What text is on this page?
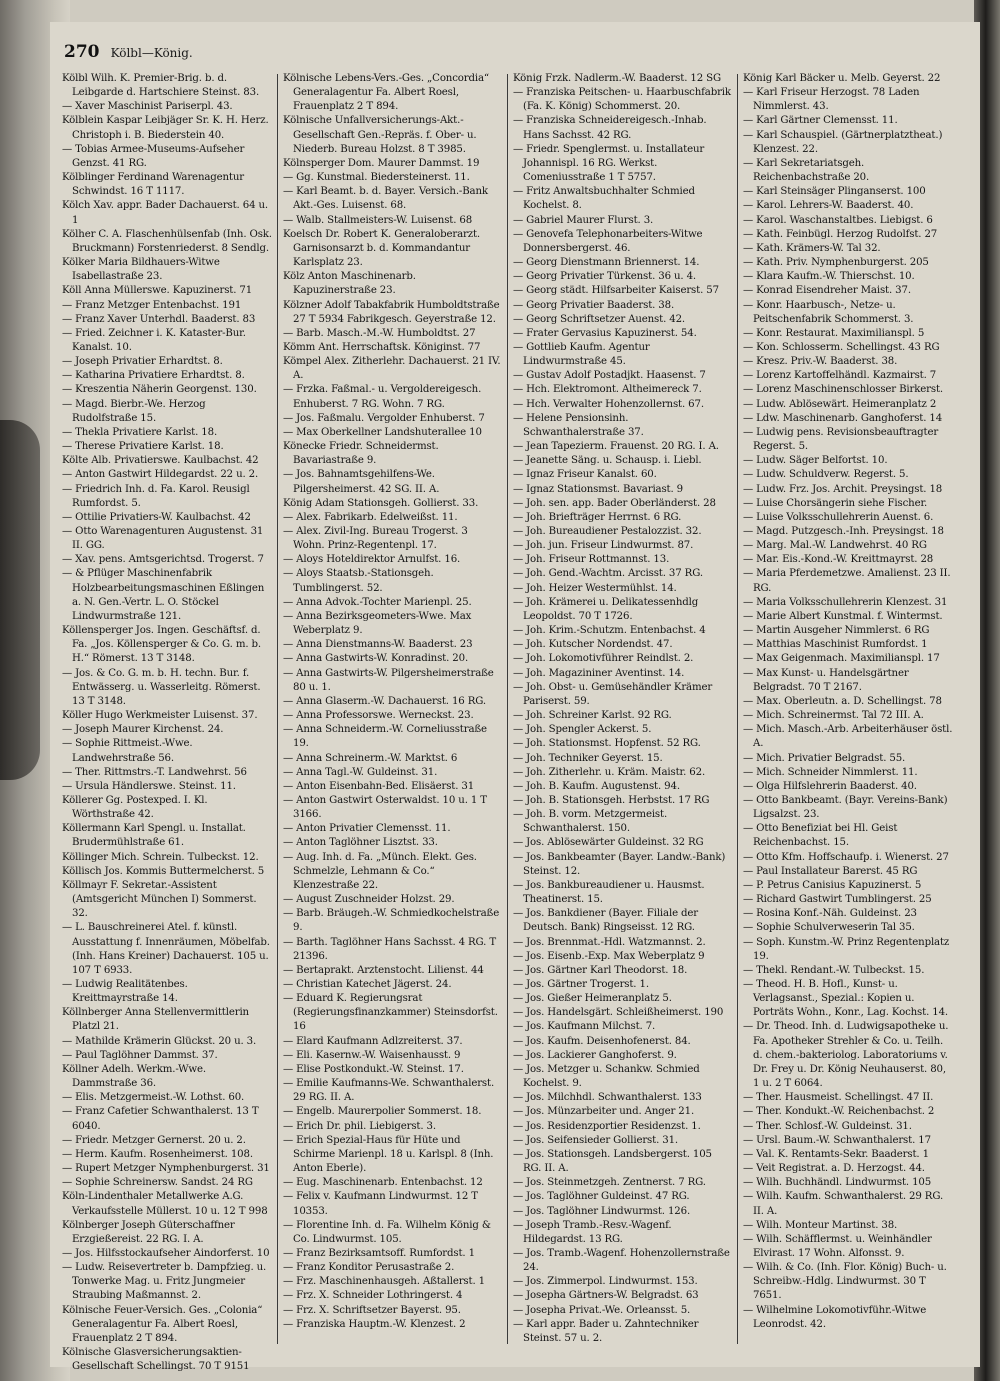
270 Kölbl—König.

Kölbl Wilh. K. Premier-Brig. b. d. Leibgarde d. Hartschiere Steinst. 83.

— Xaver Maschinist Pariserpl. 43.

Kölblein Kaspar Leibjäger Sr. K. H. Herz. Christoph i. B. Biederstein 40.

— Tobias Armee-Museums-Aufseher Genzst. 41 RG.

Kölblinger Ferdinand Warenagentur Schwindst. 16 T 1117.

Kölch Xav. appr. Bader Dachauerst. 64 u. 1

Kölher C. A. Flaschenhülsenfab (Inh. Osk. Bruckmann) Forstenriederst. 8 Sendlg.

Kölker Maria Bildhauers-Witwe Isabellastraße 23.

Köll Anna Müllerswe. Kapuzinerst. 71

— Franz Metzger Entenbachst. 191

— Franz Xaver Unterhdl. Baaderst. 83

— Fried. Zeichner i. K. Kataster-Bur. Kanalst. 10.

— Joseph Privatier Erhardtst. 8.

— Katharina Privatiere Erhardtst. 8.

— Kreszentia Näherin Georgenst. 130.

— Magd. Bierbr.-We. Herzog Rudolfstraße 15.

— Thekla Privatiere Karlst. 18.

— Therese Privatiere Karlst. 18.

Költe Alb. Privatierswe. Kaulbachst. 42

— Anton Gastwirt Hildegardst. 22 u. 2.

— Friedrich Inh. d. Fa. Karol. Reusigl Rumfordst. 5.

— Ottilie Privatiers-W. Kaulbachst. 42

— Otto Warenagenturen Augustenst. 31 II. GG.

— Xav. pens. Amtsgerichtsd. Trogerst. 7

— & Pflüger Maschinenfabrik Holzbearbeitungsmaschinen Eßlingen a. N. Gen.-Vertr. L. O. Stöckel Lindwurmstraße 121.

Köllensperger Jos. Ingen. Geschäftsf. d. Fa. „Jos. Köllensperger & Co. G. m. b. H.“ Römerst. 13 T 3148.

— Jos. & Co. G. m. b. H. techn. Bur. f. Entwässerg. u. Wasserleitg. Römerst. 13 T 3148.

Köller Hugo Werkmeister Luisenst. 37.

— Joseph Maurer Kirchenst. 24.

— Sophie Rittmeist.-Wwe. Landwehrstraße 56.

— Ther. Rittmstrs.-T. Landwehrst. 56

— Ursula Händlerswe. Steinst. 11.

Köllerer Gg. Postexped. I. Kl. Wörthstraße 42.

Köllermann Karl Spengl. u. Installat. Brudermühlstraße 61.

Köllinger Mich. Schrein. Tulbeckst. 12.

Köllisch Jos. Kommis Buttermelcherst. 5

Köllmayr F. Sekretar.-Assistent (Amtsgericht München I) Sommerst. 32.

— L. Bauschreinerei Atel. f. künstl. Ausstattung f. Innenräumen, Möbelfab. (Inh. Hans Kreiner) Dachauerst. 105 u. 107 T 6933.

— Ludwig Realitätenbes. Kreittmayrstraße 14.

Köllnberger Anna Stellenvermittlerin Platzl 21.

— Mathilde Krämerin Glückst. 20 u. 3.

— Paul Taglöhner Dammst. 37.

Köllner Adelh. Werkm.-Wwe. Dammstraße 36.

— Elis. Metzgermeist.-W. Lothst. 60.

— Franz Cafetier Schwanthalerst. 13 T 6040.

— Friedr. Metzger Gernerst. 20 u. 2.

— Herm. Kaufm. Rosenheimerst. 108.

— Rupert Metzger Nymphenburgerst. 31

— Sophie Schreinersw. Sandst. 24 RG

Köln-Lindenthaler Metallwerke A.G. Verkaufsstelle Müllerst. 10 u. 12 T 998

Kölnberger Joseph Güterschaffner Erzgießereist. 22 RG. I. A.

— Jos. Hilfsstockaufseher Aindorferst. 10

— Ludw. Reisevertreter b. Dampfzieg. u. Tonwerke Mag. u. Fritz Jungmeier Straubing Maßmannst. 2.

Kölnische Feuer-Versich. Ges. „Colonia“ Generalagentur Fa. Albert Roesl, Frauenplatz 2 T 894.

Kölnische Glasversicherungsaktien-Gesellschaft Schellingst. 70 T 9151

Kölnische Lebens-Vers.-Ges. „Concordia“ Generalagentur Fa. Albert Roesl, Frauenplatz 2 T 894.

Kölnische Unfallversicherungs-Akt.-Gesellschaft Gen.-Repräs. f. Ober- u. Niederb. Bureau Holzst. 8 T 3985.

Kölnsperger Dom. Maurer Dammst. 19

— Gg. Kunstmal. Biedersteinerst. 11.

— Karl Beamt. b. d. Bayer. Versich.-Bank Akt.-Ges. Luisenst. 68.

— Walb. Stallmeisters-W. Luisenst. 68

Koelsch Dr. Robert K. Generaloberarzt. Garnisonsarzt b. d. Kommandantur Karlsplatz 23.

Kölz Anton Maschinenarb. Kapuzinerstraße 23.

Kölzner Adolf Tabakfabrik Humboldtstraße 27 T 5934 Fabrikgesch. Geyerstraße 12.

— Barb. Masch.-M.-W. Humboldtst. 27

Kömm Ant. Herrschaftsk. Königinst. 77

Kömpel Alex. Zitherlehr. Dachauerst. 21 IV. A.

— Frzka. Faßmal.- u. Vergoldereigesch. Enhuberst. 7 RG. Wohn. 7 RG.

— Jos. Faßmalu. Vergolder Enhuberst. 7

— Max Oberkellner Landshuterallee 10

Könecke Friedr. Schneidermst. Bavariastraße 9.

— Jos. Bahnamtsgehilfens-We. Pilgersheimerst. 42 SG. II. A.

König Adam Stationsgeh. Gollierst. 33.

— Alex. Fabrikarb. Edelweißst. 11.

— Alex. Zivil-Ing. Bureau Trogerst. 3 Wohn. Prinz-Regentenpl. 17.

— Aloys Hoteldirektor Arnulfst. 16.

— Aloys Staatsb.-Stationsgeh. Tumblingerst. 52.

— Anna Advok.-Tochter Marienpl. 25.

— Anna Bezirksgeometers-Wwe. Max Weberplatz 9.

— Anna Dienstmanns-W. Baaderst. 23

— Anna Gastwirts-W. Konradinst. 20.

— Anna Gastwirts-W. Pilgersheimerstraße 80 u. 1.

— Anna Glaserm.-W. Dachauerst. 16 RG.

— Anna Professorswe. Werneckst. 23.

— Anna Schneiderm.-W. Corneliusstraße 19.

— Anna Schreinerm.-W. Marktst. 6

— Anna Tagl.-W. Guldeinst. 31.

— Anton Eisenbahn-Bed. Elisäerst. 31

— Anton Gastwirt Osterwaldst. 10 u. 1 T 3166.

— Anton Privatier Clemensst. 11.

— Anton Taglöhner Lisztst. 33.

— Aug. Inh. d. Fa. „Münch. Elekt. Ges. Schmelzle, Lehmann & Co.“ Klenzestraße 22.

— August Zuschneider Holzst. 29.

— Barb. Bräugeh.-W. Schmiedkochelstraße 9.

— Barth. Taglöhner Hans Sachsst. 4 RG. T 21396.

— Bertaprakt. Arztenstocht. Lilienst. 44

— Christian Katechet Jägerst. 24.

— Eduard K. Regierungsrat (Regierungsfinanzkammer) Steinsdorfst. 16

— Elard Kaufmann Adlzreiterst. 37.

— Eli. Kasernw.-W. Waisenhausst. 9

— Elise Postkondukt.-W. Steinst. 17.

— Emilie Kaufmanns-We. Schwanthalerst. 29 RG. II. A.

— Engelb. Maurerpolier Sommerst. 18.

— Erich Dr. phil. Liebigerst. 3.

— Erich Spezial-Haus für Hüte und Schirme Marienpl. 18 u. Karlspl. 8 (Inh. Anton Eberle).

— Eug. Maschinenarb. Entenbachst. 12

— Felix v. Kaufmann Lindwurmst. 12 T 10353.

— Florentine Inh. d. Fa. Wilhelm König & Co. Lindwurmst. 105.

— Franz Bezirksamtsoff. Rumfordst. 1

— Franz Konditor Perusastraße 2.

— Frz. Maschinenhausgeh. Aßtallerst. 1

— Frz. X. Schneider Lothringerst. 4

— Frz. X. Schriftsetzer Bayerst. 95.

— Franziska Hauptm.-W. Klenzest. 2

König Frzk. Nadlerm.-W. Baaderst. 12 SG

— Franziska Peitschen- u. Haarbuschfabrik (Fa. K. König) Schommerst. 20.

— Franziska Schneidereigesch.-Inhab. Hans Sachsst. 42 RG.

— Friedr. Spenglermst. u. Installateur Johannispl. 16 RG. Werkst. Comeniusstraße 1 T 5757.

— Fritz Anwaltsbuchhalter Schmied Kochelst. 8.

— Gabriel Maurer Flurst. 3.

— Genovefa Telephonarbeiters-Witwe Donnersbergerst. 46.

— Georg Dienstmann Briennerst. 14.

— Georg Privatier Türkenst. 36 u. 4.

— Georg städt. Hilfsarbeiter Kaiserst. 57

— Georg Privatier Baaderst. 38.

— Georg Schriftsetzer Auenst. 42.

— Frater Gervasius Kapuzinerst. 54.

— Gottlieb Kaufm. Agentur Lindwurmstraße 45.

— Gustav Adolf Postadjkt. Haasenst. 7

— Hch. Elektromont. Altheimereck 7.

— Hch. Verwalter Hohenzollernst. 67.

— Helene Pensionsinh. Schwanthalerstraße 37.

— Jean Tapezierm. Frauenst. 20 RG. I. A.

— Jeanette Säng. u. Schausp. i. Liebl.

— Ignaz Friseur Kanalst. 60.

— Ignaz Stationsmst. Bavariast. 9

— Joh. sen. app. Bader Oberländerst. 28

— Joh. Briefträger Herrnst. 6 RG.

— Joh. Bureaudiener Pestalozzist. 32.

— Joh. jun. Friseur Lindwurmst. 87.

— Joh. Friseur Rottmannst. 13.

— Joh. Gend.-Wachtm. Arcisst. 37 RG.

— Joh. Heizer Westermühlst. 14.

— Joh. Krämerei u. Delikatessenhdlg Leopoldst. 70 T 1726.

— Joh. Krim.-Schutzm. Entenbachst. 4

— Joh. Kutscher Nordendst. 47.

— Joh. Lokomotivführer Reindlst. 2.

— Joh. Magazininer Aventinst. 14.

— Joh. Obst- u. Gemüsehändler Krämer Pariserst. 59.

— Joh. Schreiner Karlst. 92 RG.

— Joh. Spengler Ackerst. 5.

— Joh. Stationsmst. Hopfenst. 52 RG.

— Joh. Techniker Geyerst. 15.

— Joh. Zitherlehr. u. Kräm. Maistr. 62.

— Joh. B. Kaufm. Augustenst. 94.

— Joh. B. Stationsgeh. Herbstst. 17 RG

— Joh. B. vorm. Metzgermeist. Schwanthalerst. 150.

— Jos. Ablösewärter Guldeinst. 32 RG

— Jos. Bankbeamter (Bayer. Landw.-Bank) Steinst. 12.

— Jos. Bankbureaudiener u. Hausmst. Theatinerst. 15.

— Jos. Bankdiener (Bayer. Filiale der Deutsch. Bank) Ringseisst. 12 RG.

— Jos. Brennmat.-Hdl. Watzmannst. 2.

— Jos. Eisenb.-Exp. Max Weberplatz 9

— Jos. Gärtner Karl Theodorst. 18.

— Jos. Gärtner Trogerst. 1.

— Jos. Gießer Heimeranplatz 5.

— Jos. Handelsgärt. Schleißheimerst. 190

— Jos. Kaufmann Milchst. 7.

— Jos. Kaufm. Deisenhofenerst. 84.

— Jos. Lackierer Ganghoferst. 9.

— Jos. Metzger u. Schankw. Schmied Kochelst. 9.

— Jos. Milchhdl. Schwanthalerst. 133

— Jos. Münzarbeiter und. Anger 21.

— Jos. Residenzportier Residenzst. 1.

— Jos. Seifensieder Gollierst. 31.

— Jos. Stationsgeh. Landsbergerst. 105 RG. II. A.

— Jos. Steinmetzgeh. Zentnerst. 7 RG.

— Jos. Taglöhner Guldeinst. 47 RG.

— Jos. Taglöhner Lindwurmst. 126.

— Joseph Tramb.-Resv.-Wagenf. Hildegardst. 13 RG.

— Jos. Tramb.-Wagenf. Hohenzollernstraße 24.

— Jos. Zimmerpol. Lindwurmst. 153.

— Josepha Gärtners-W. Belgradst. 63

— Josepha Privat.-We. Orleansst. 5.

— Karl appr. Bader u. Zahntechniker Steinst. 57 u. 2.

König Karl Bäcker u. Melb. Geyerst. 22

— Karl Friseur Herzogst. 78 Laden Nimmlerst. 43.

— Karl Gärtner Clemensst. 11.

— Karl Schauspiel. (Gärtnerplatztheat.) Klenzest. 22.

— Karl Sekretariatsgeh. Reichenbachstraße 20.

— Karl Steinsäger Plinganserst. 100

— Karol. Lehrers-W. Baaderst. 40.

— Karol. Waschanstaltbes. Liebigst. 6

— Kath. Feinbügl. Herzog Rudolfst. 27

— Kath. Krämers-W. Tal 32.

— Kath. Priv. Nymphenburgerst. 205

— Klara Kaufm.-W. Thierschst. 10.

— Konrad Eisendreher Maist. 37.

— Konr. Haarbusch-, Netze- u. Peitschenfabrik Schommerst. 3.

— Konr. Restaurat. Maximilianspl. 5

— Kon. Schlosserm. Schellingst. 43 RG

— Kresz. Priv.-W. Baaderst. 38.

— Lorenz Kartoffelhändl. Kazmairst. 7

— Lorenz Maschinenschlosser Birkerst.

— Ludw. Ablösewärt. Heimeranplatz 2

— Ldw. Maschinenarb. Ganghoferst. 14

— Ludwig pens. Revisionsbeauftragter Regerst. 5.

— Ludw. Säger Belfortst. 10.

— Ludw. Schuldverw. Regerst. 5.

— Ludw. Frz. Jos. Archit. Preysingst. 18

— Luise Chorsängerin siehe Fischer.

— Luise Volksschullehrerin Auenst. 6.

— Magd. Putzgesch.-Inh. Preysingst. 18

— Marg. Mal.-W. Landwehrst. 40 RG

— Mar. Eis.-Kond.-W. Kreittmayrst. 28

— Maria Pferdemetzwe. Amalienst. 23 II. RG.

— Maria Volksschullehrerin Klenzest. 31

— Marie Albert Kunstmal. f. Wintermst.

— Martin Ausgeher Nimmlerst. 6 RG

— Matthias Maschinist Rumfordst. 1

— Max Geigenmach. Maximilianspl. 17

— Max Kunst- u. Handelsgärtner Belgradst. 70 T 2167.

— Max. Oberleutn. a. D. Schellingst. 78

— Mich. Schreinermst. Tal 72 III. A.

— Mich. Masch.-Arb. Arbeiterhäuser östl. A.

— Mich. Privatier Belgradst. 55.

— Mich. Schneider Nimmlerst. 11.

— Olga Hilfslehrerin Baaderst. 40.

— Otto Bankbeamt. (Bayr. Vereins-Bank) Ligsalzst. 23.

— Otto Benefiziat bei Hl. Geist Reichenbachst. 15.

— Otto Kfm. Hoffschaufp. i. Wienerst. 27

— Paul Installateur Barerst. 45 RG

— P. Petrus Canisius Kapuzinerst. 5

— Richard Gastwirt Tumblingerst. 25

— Rosina Konf.-Näh. Guldeinst. 23

— Sophie Schulverweserin Tal 35.

— Soph. Kunstm.-W. Prinz Regentenplatz 19.

— Thekl. Rendant.-W. Tulbeckst. 15.

— Theod. H. B. Hofl., Kunst- u. Verlagsanst., Spezial.: Kopien u. Porträts Wohn., Konr., Lag. Kochst. 14.

— Dr. Theod. Inh. d. Ludwigsapotheke u. Fa. Apotheker Strehler & Co. u. Teilh. d. chem.-bakteriolog. Laboratoriums v. Dr. Frey u. Dr. König Neuhauserst. 80, 1 u. 2 T 6064.

— Ther. Hausmeist. Schellingst. 47 II.

— Ther. Kondukt.-W. Reichenbachst. 2

— Ther. Schlosf.-W. Guldeinst. 31.

— Ursl. Baum.-W. Schwanthalerst. 17

— Val. K. Rentamts-Sekr. Baaderst. 1

— Veit Registrat. a. D. Herzogst. 44.

— Wilh. Buchhändl. Lindwurmst. 105

— Wilh. Kaufm. Schwanthalerst. 29 RG. II. A.

— Wilh. Monteur Martinst. 38.

— Wilh. Schäfflermst. u. Weinhändler Elvirast. 17 Wohn. Alfonsst. 9.

— Wilh. & Co. (Inh. Flor. König) Buch- u. Schreibw.-Hdlg. Lindwurmst. 30 T 7651.

— Wilhelmine Lokomotivführ.-Witwe Leonrodst. 42.
